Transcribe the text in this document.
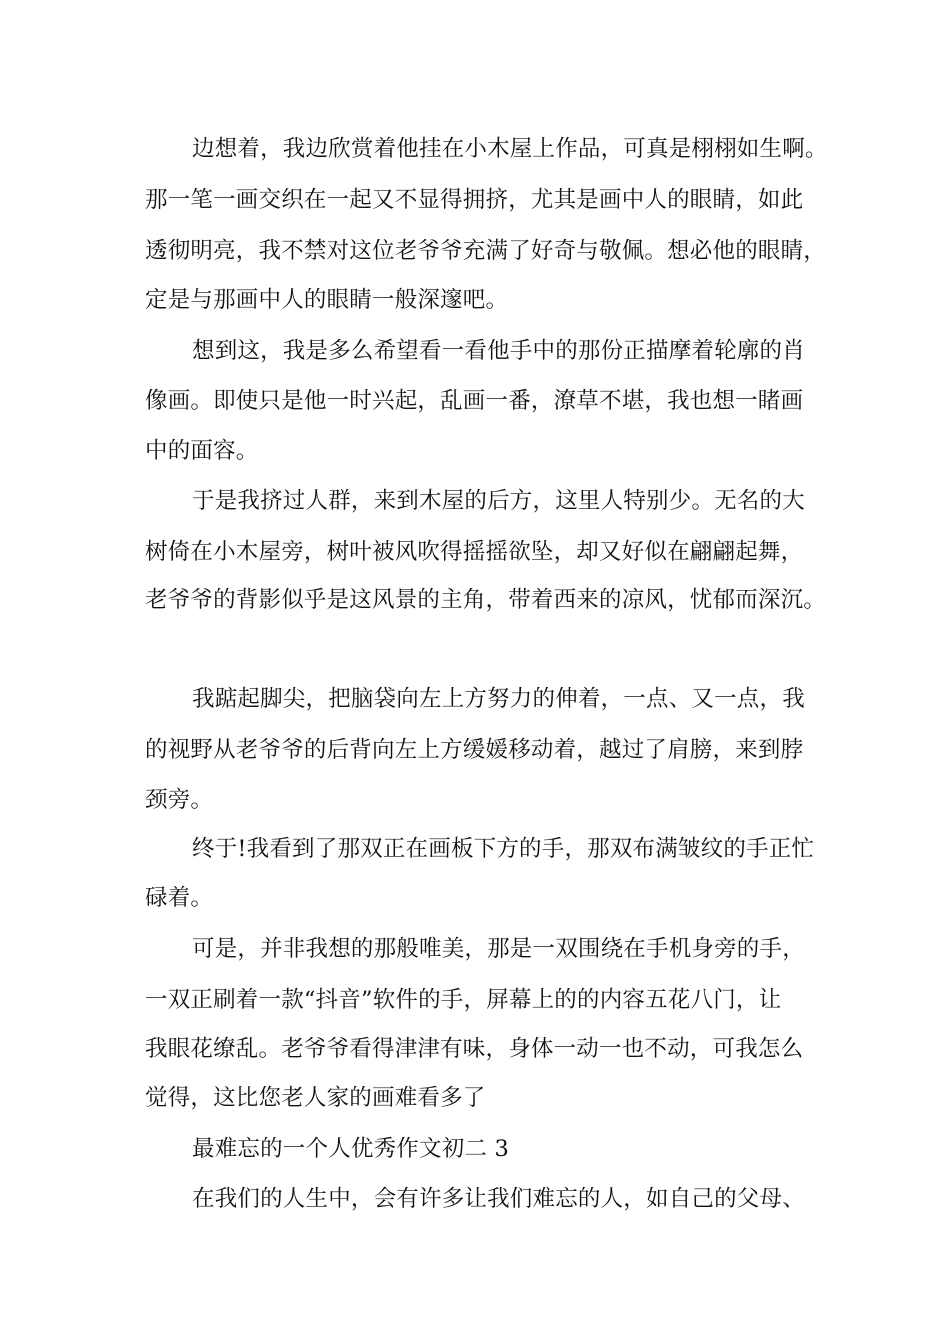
边想着，我边欣赏着他挂在小木屋上作品，可真是栩栩如生啊。
那一笔一画交织在一起又不显得拥挤，尤其是画中人的眼睛，如此
透彻明亮，我不禁对这位老爷爷充满了好奇与敬佩。想必他的眼睛，
定是与那画中人的眼睛一般深邃吧。
想到这，我是多么希望看一看他手中的那份正描摩着轮廓的肖
像画。即使只是他一时兴起，乱画一番，潦草不堪，我也想一睹画
中的面容。
于是我挤过人群，来到木屋的后方，这里人特别少。无名的大
树倚在小木屋旁，树叶被风吹得摇摇欲坠，却又好似在翩翩起舞，
老爷爷的背影似乎是这风景的主角，带着西来的凉风，忧郁而深沉。
我踮起脚尖，把脑袋向左上方努力的伸着，一点、又一点，我
的视野从老爷爷的后背向左上方缓媛移动着，越过了肩膀，来到脖
颈旁。
终于!我看到了那双正在画板下方的手，那双布满皱纹的手正忙
碌着。
可是，并非我想的那般唯美，那是一双围绕在手机身旁的手，
一双正刷着一款“抖音”软件的手，屏幕上的的内容五花八门，让
我眼花缭乱。老爷爷看得津津有味，身体一动一也不动，可我怎么
觉得，这比您老人家的画难看多了
最难忘的一个人优秀作文初二 3
在我们的人生中，会有许多让我们难忘的人，如自己的父母、
